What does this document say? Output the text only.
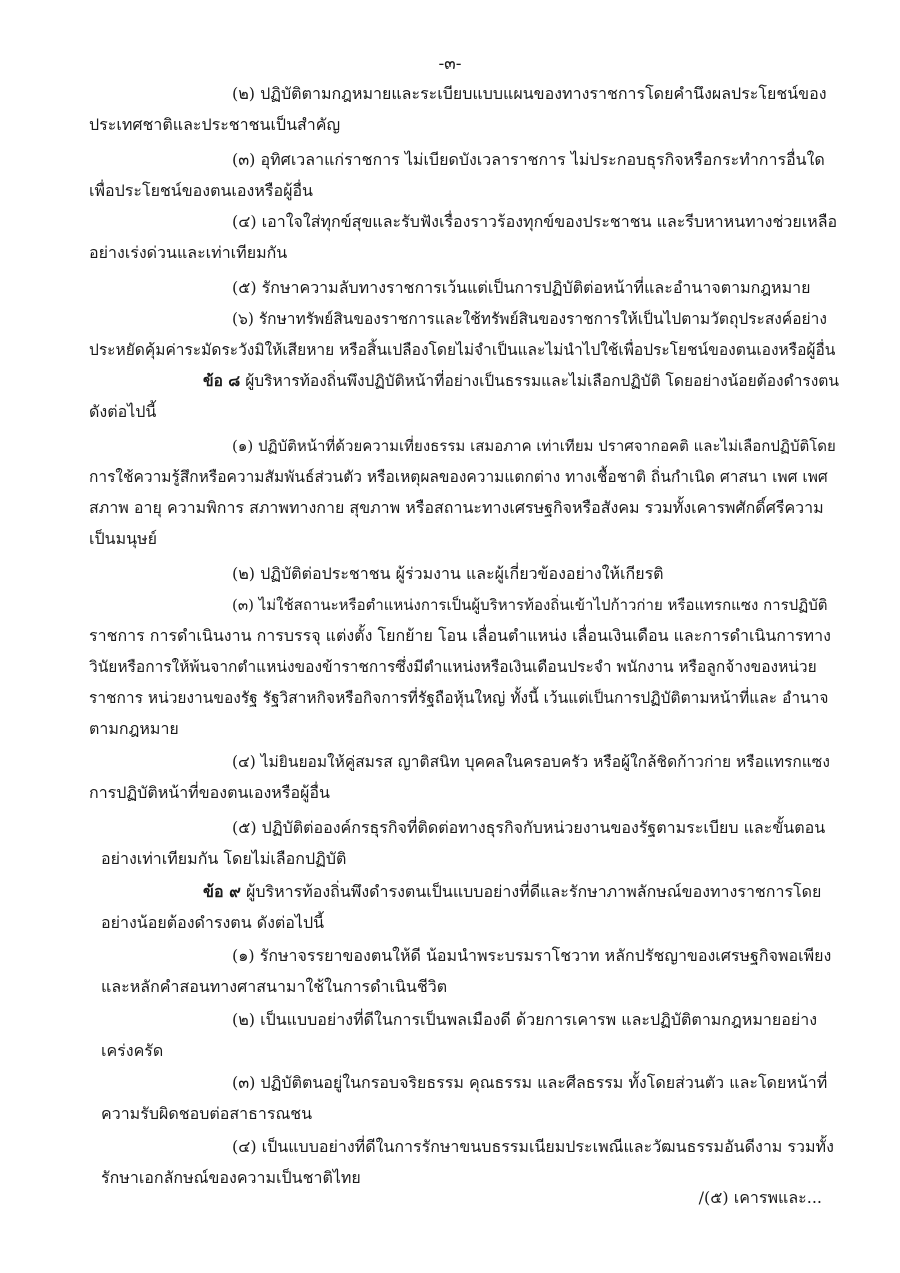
-๓-
(๒) ปฏิบัติตามกฎหมายและระเบียบแบบแผนของทางราชการโดยคำนึงผลประโยชน์ของ
ประเทศชาติและประชาชนเป็นสำคัญ
(๓) อุทิศเวลาแก่ราชการ ไม่เบียดบังเวลาราชการ ไม่ประกอบธุรกิจหรือกระทำการอื่นใด
เพื่อประโยชน์ของตนเองหรือผู้อื่น
(๔) เอาใจใส่ทุกข์สุขและรับฟังเรื่องราวร้องทุกข์ของประชาชน และรีบหาหนทางช่วยเหลือ
อย่างเร่งด่วนและเท่าเทียมกัน
(๕) รักษาความลับทางราชการเว้นแต่เป็นการปฏิบัติต่อหน้าที่และอำนาจตามกฎหมาย
(๖) รักษาทรัพย์สินของราชการและใช้ทรัพย์สินของราชการให้เป็นไปตามวัตถุประสงค์อย่าง
ประหยัดคุ้มค่าระมัดระวังมิให้เสียหาย หรือสิ้นเปลืองโดยไม่จำเป็นและไม่นำไปใช้เพื่อประโยชน์ของตนเองหรือผู้อื่น
ข้อ ๘ ผู้บริหารท้องถิ่นพึงปฏิบัติหน้าที่อย่างเป็นธรรมและไม่เลือกปฏิบัติ โดยอย่างน้อยต้องดำรงตน
ดังต่อไปนี้
(๑) ปฏิบัติหน้าที่ด้วยความเที่ยงธรรม เสมอภาค เท่าเทียม ปราศจากอคติ และไม่เลือกปฏิบัติโดย
การใช้ความรู้สึกหรือความสัมพันธ์ส่วนตัว หรือเหตุผลของความแตกต่าง ทางเชื้อชาติ ถิ่นกำเนิด ศาสนา เพศ เพศ
สภาพ อายุ ความพิการ สภาพทางกาย สุขภาพ หรือสถานะทางเศรษฐกิจหรือสังคม รวมทั้งเคารพศักดิ์ศรีความ
เป็นมนุษย์
(๒) ปฏิบัติต่อประชาชน ผู้ร่วมงาน และผู้เกี่ยวข้องอย่างให้เกียรติ
(๓) ไม่ใช้สถานะหรือตำแหน่งการเป็นผู้บริหารท้องถิ่นเข้าไปก้าวก่าย หรือแทรกแซง การปฏิบัติ
ราชการ การดำเนินงาน การบรรจุ แต่งตั้ง โยกย้าย โอน เลื่อนตำแหน่ง เลื่อนเงินเดือน และการดำเนินการทาง
วินัยหรือการให้พ้นจากตำแหน่งของข้าราชการซึ่งมีตำแหน่งหรือเงินเดือนประจำ พนักงาน หรือลูกจ้างของหน่วย
ราชการ หน่วยงานของรัฐ รัฐวิสาหกิจหรือกิจการที่รัฐถือหุ้นใหญ่ ทั้งนี้ เว้นแต่เป็นการปฏิบัติตามหน้าที่และ อำนาจ
ตามกฎหมาย
(๔) ไม่ยินยอมให้คู่สมรส ญาติสนิท บุคคลในครอบครัว หรือผู้ใกล้ชิดก้าวก่าย หรือแทรกแซง
การปฏิบัติหน้าที่ของตนเองหรือผู้อื่น
(๕) ปฏิบัติต่อองค์กรธุรกิจที่ติดต่อทางธุรกิจกับหน่วยงานของรัฐตามระเบียบ และขั้นตอน
อย่างเท่าเทียมกัน โดยไม่เลือกปฏิบัติ
ข้อ ๙ ผู้บริหารท้องถิ่นพึงดำรงตนเป็นแบบอย่างที่ดีและรักษาภาพลักษณ์ของทางราชการโดย
อย่างน้อยต้องดำรงตน ดังต่อไปนี้
(๑) รักษาจรรยาของตนให้ดี น้อมนำพระบรมราโชวาท หลักปรัชญาของเศรษฐกิจพอเพียง
และหลักคำสอนทางศาสนามาใช้ในการดำเนินชีวิต
(๒) เป็นแบบอย่างที่ดีในการเป็นพลเมืองดี ด้วยการเคารพ และปฏิบัติตามกฎหมายอย่าง
เคร่งครัด
(๓) ปฏิบัติตนอยู่ในกรอบจริยธรรม คุณธรรม และศีลธรรม ทั้งโดยส่วนตัว และโดยหน้าที่
ความรับผิดชอบต่อสาธารณชน
(๔) เป็นแบบอย่างที่ดีในการรักษาขนบธรรมเนียมประเพณีและวัฒนธรรมอันดีงาม รวมทั้ง
รักษาเอกลักษณ์ของความเป็นชาติไทย
/(๕) เคารพและ...
